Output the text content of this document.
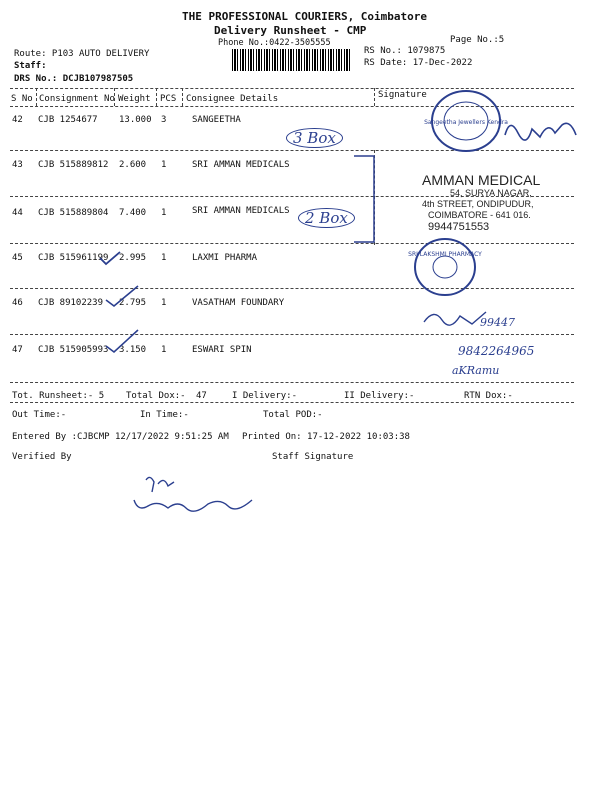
THE PROFESSIONAL COURIERS, Coimbatore
Delivery Runsheet - CMP
Phone No.:0422-3505555	Page No.:5
Route: P103 AUTO DELIVERY
Staff:
DRS No.: DCJB107987505
RS No.: 1079875
RS Date: 17-Dec-2022
S No Consignment No Weight PCS Consignee Details	Signature
42 CJB 1254677 13.000 3	SANGEETHA
43 CJB 515889812 2.600 1	SRI AMMAN MEDICALS
44 CJB 515889804 7.400 1	SRI AMMAN MEDICALS
45 CJB 515961199 2.995 1	LAXMI PHARMA
46 CJB 89102239 2.795 1	VASATHAM FOUNDARY
47 CJB 515905993 3.150 1	ESWARI SPIN
Tot. Runsheet:- 5 Total Dox:- 47	I Delivery:-	II Delivery:-	RTN Dox:-
Out Time:-	In Time:-	Total POD:-
Entered By :CJBCMP 12/17/2022 9:51:25 AM Printed On: 17-12-2022 10:03:38
Verified By	Staff Signature
Sangeetha Jewellers Kendra
3 Box
2 Box
AMMAN MEDICAL
54, SURYA NAGAR,
4th STREET, ONDIPUDUR,
COIMBATORE - 641 016.
9944751553
SRI LAKSHMI PHARMACY
9842264965
99447
aKRamu
